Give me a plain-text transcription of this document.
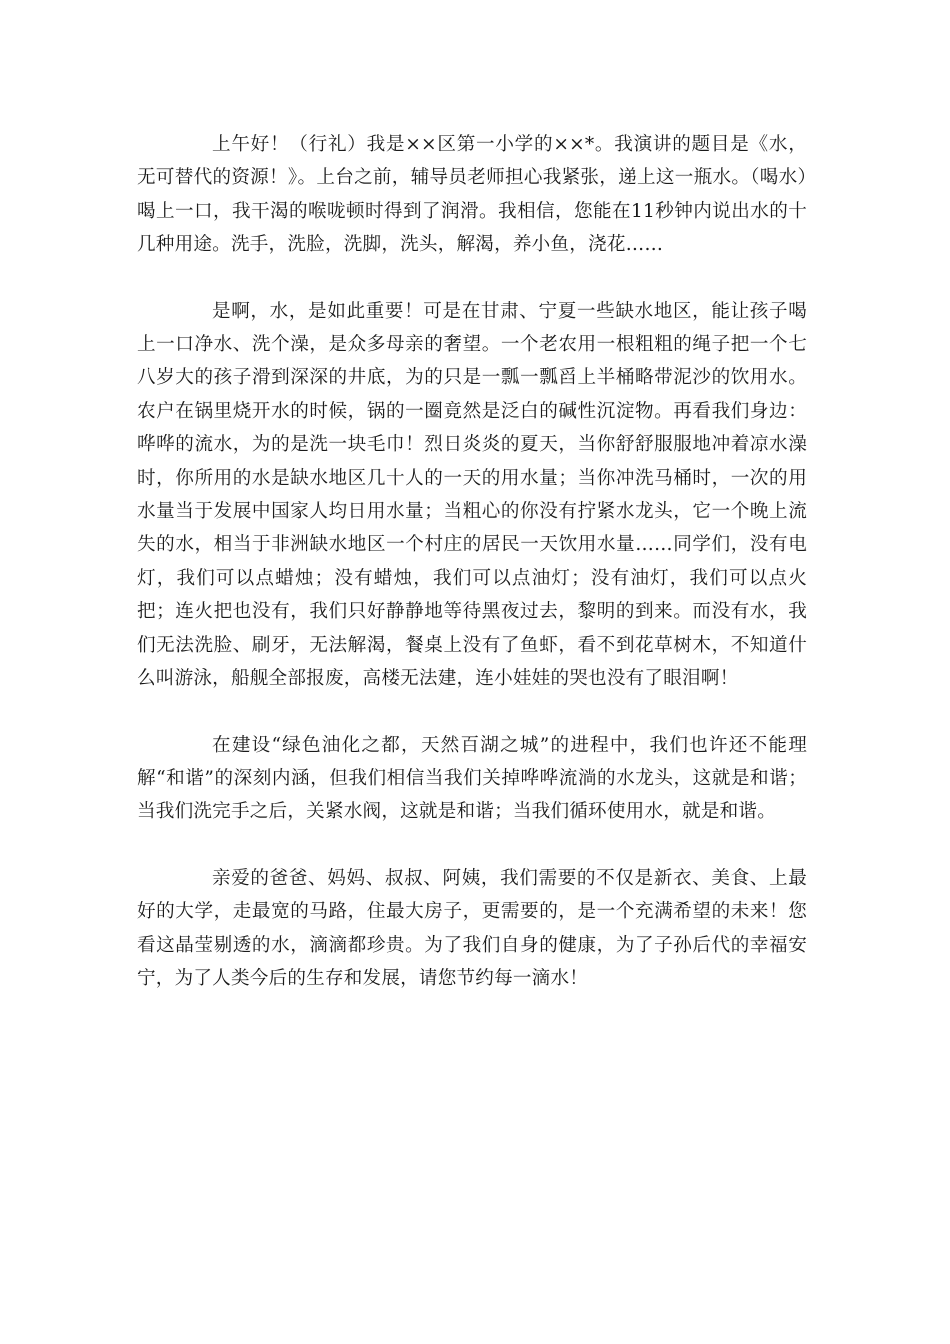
上午好！（行礼）我是××区第一小学的××*。我演讲的题目是《水，无可替代的资源！》。上台之前，辅导员老师担心我紧张，递上这一瓶水。（喝水）喝上一口，我干渴的喉咙顿时得到了润滑。我相信，您能在11秒钟内说出水的十几种用途。洗手，洗脸，洗脚，洗头，解渴，养小鱼，浇花……

是啊，水，是如此重要！可是在甘肃、宁夏一些缺水地区，能让孩子喝上一口净水、洗个澡，是众多母亲的奢望。一个老农用一根粗粗的绳子把一个七八岁大的孩子滑到深深的井底，为的只是一瓢一瓢舀上半桶略带泥沙的饮用水。农户在锅里烧开水的时候，锅的一圈竟然是泛白的碱性沉淀物。再看我们身边：哗哗的流水，为的是洗一块毛巾！烈日炎炎的夏天，当你舒舒服服地冲着凉水澡时，你所用的水是缺水地区几十人的一天的用水量；当你冲洗马桶时，一次的用水量当于发展中国家人均日用水量；当粗心的你没有拧紧水龙头，它一个晚上流失的水，相当于非洲缺水地区一个村庄的居民一天饮用水量……同学们，没有电灯，我们可以点蜡烛；没有蜡烛，我们可以点油灯；没有油灯，我们可以点火把；连火把也没有，我们只好静静地等待黑夜过去，黎明的到来。而没有水，我们无法洗脸、刷牙，无法解渴，餐桌上没有了鱼虾，看不到花草树木，不知道什么叫游泳，船舰全部报废，高楼无法建，连小娃娃的哭也没有了眼泪啊！

在建设“绿色油化之都，天然百湖之城”的进程中，我们也许还不能理解“和谐”的深刻内涵，但我们相信当我们关掉哗哗流淌的水龙头，这就是和谐；当我们洗完手之后，关紧水阀，这就是和谐；当我们循环使用水，就是和谐。

亲爱的爸爸、妈妈、叔叔、阿姨，我们需要的不仅是新衣、美食、上最好的大学，走最宽的马路，住最大房子，更需要的，是一个充满希望的未来！您看这晶莹剔透的水，滴滴都珍贵。为了我们自身的健康，为了子孙后代的幸福安宁，为了人类今后的生存和发展，请您节约每一滴水！
